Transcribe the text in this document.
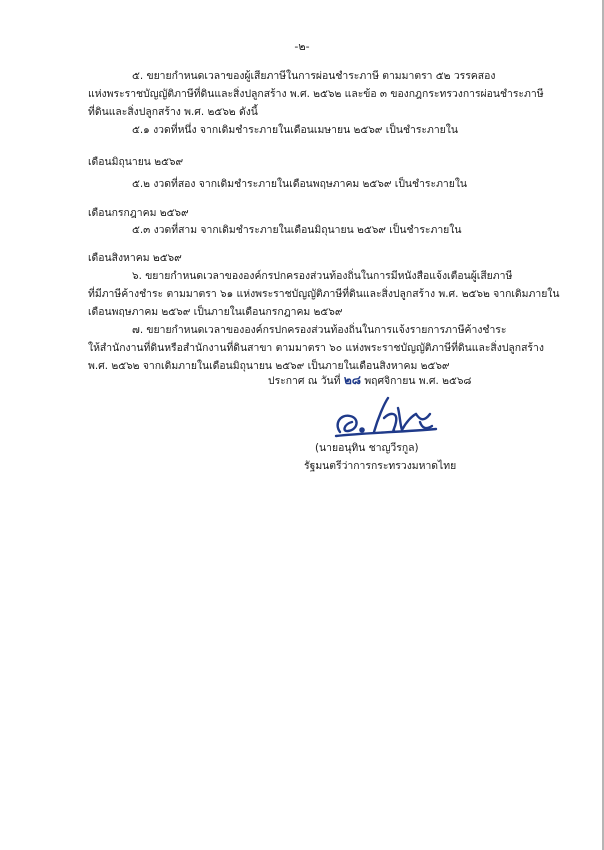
-๒-
๕. ขยายกำหนดเวลาของผู้เสียภาษีในการผ่อนชำระภาษี ตามมาตรา ๕๒ วรรคสอง
แห่งพระราชบัญญัติภาษีที่ดินและสิ่งปลูกสร้าง พ.ศ. ๒๕๖๒ และข้อ ๓ ของกฎกระทรวงการผ่อนชำระภาษี
ที่ดินและสิ่งปลูกสร้าง พ.ศ. ๒๕๖๒ ดังนี้
๕.๑ งวดที่หนึ่ง จากเดิมชำระภายในเดือนเมษายน ๒๕๖๙ เป็นชำระภายใน
เดือนมิถุนายน ๒๕๖๙
๕.๒ งวดที่สอง จากเดิมชำระภายในเดือนพฤษภาคม ๒๕๖๙ เป็นชำระภายใน
เดือนกรกฎาคม ๒๕๖๙
๕.๓ งวดที่สาม จากเดิมชำระภายในเดือนมิถุนายน ๒๕๖๙ เป็นชำระภายใน
เดือนสิงหาคม ๒๕๖๙
๖. ขยายกำหนดเวลาขององค์กรปกครองส่วนท้องถิ่นในการมีหนังสือแจ้งเตือนผู้เสียภาษี
ที่มีภาษีค้างชำระ ตามมาตรา ๖๑ แห่งพระราชบัญญัติภาษีที่ดินและสิ่งปลูกสร้าง พ.ศ. ๒๕๖๒ จากเดิมภายใน
เดือนพฤษภาคม ๒๕๖๙ เป็นภายในเดือนกรกฎาคม ๒๕๖๙
๗. ขยายกำหนดเวลาขององค์กรปกครองส่วนท้องถิ่นในการแจ้งรายการภาษีค้างชำระ
ให้สำนักงานที่ดินหรือสำนักงานที่ดินสาขา ตามมาตรา ๖๐ แห่งพระราชบัญญัติภาษีที่ดินและสิ่งปลูกสร้าง
พ.ศ. ๒๕๖๒ จากเดิมภายในเดือนมิถุนายน ๒๕๖๙ เป็นภายในเดือนสิงหาคม ๒๕๖๙
ประกาศ ณ วันที่ ๒๘ พฤศจิกายน พ.ศ. ๒๕๖๘
(นายอนุทิน ชาญวีรกูล)
รัฐมนตรีว่าการกระทรวงมหาดไทย
